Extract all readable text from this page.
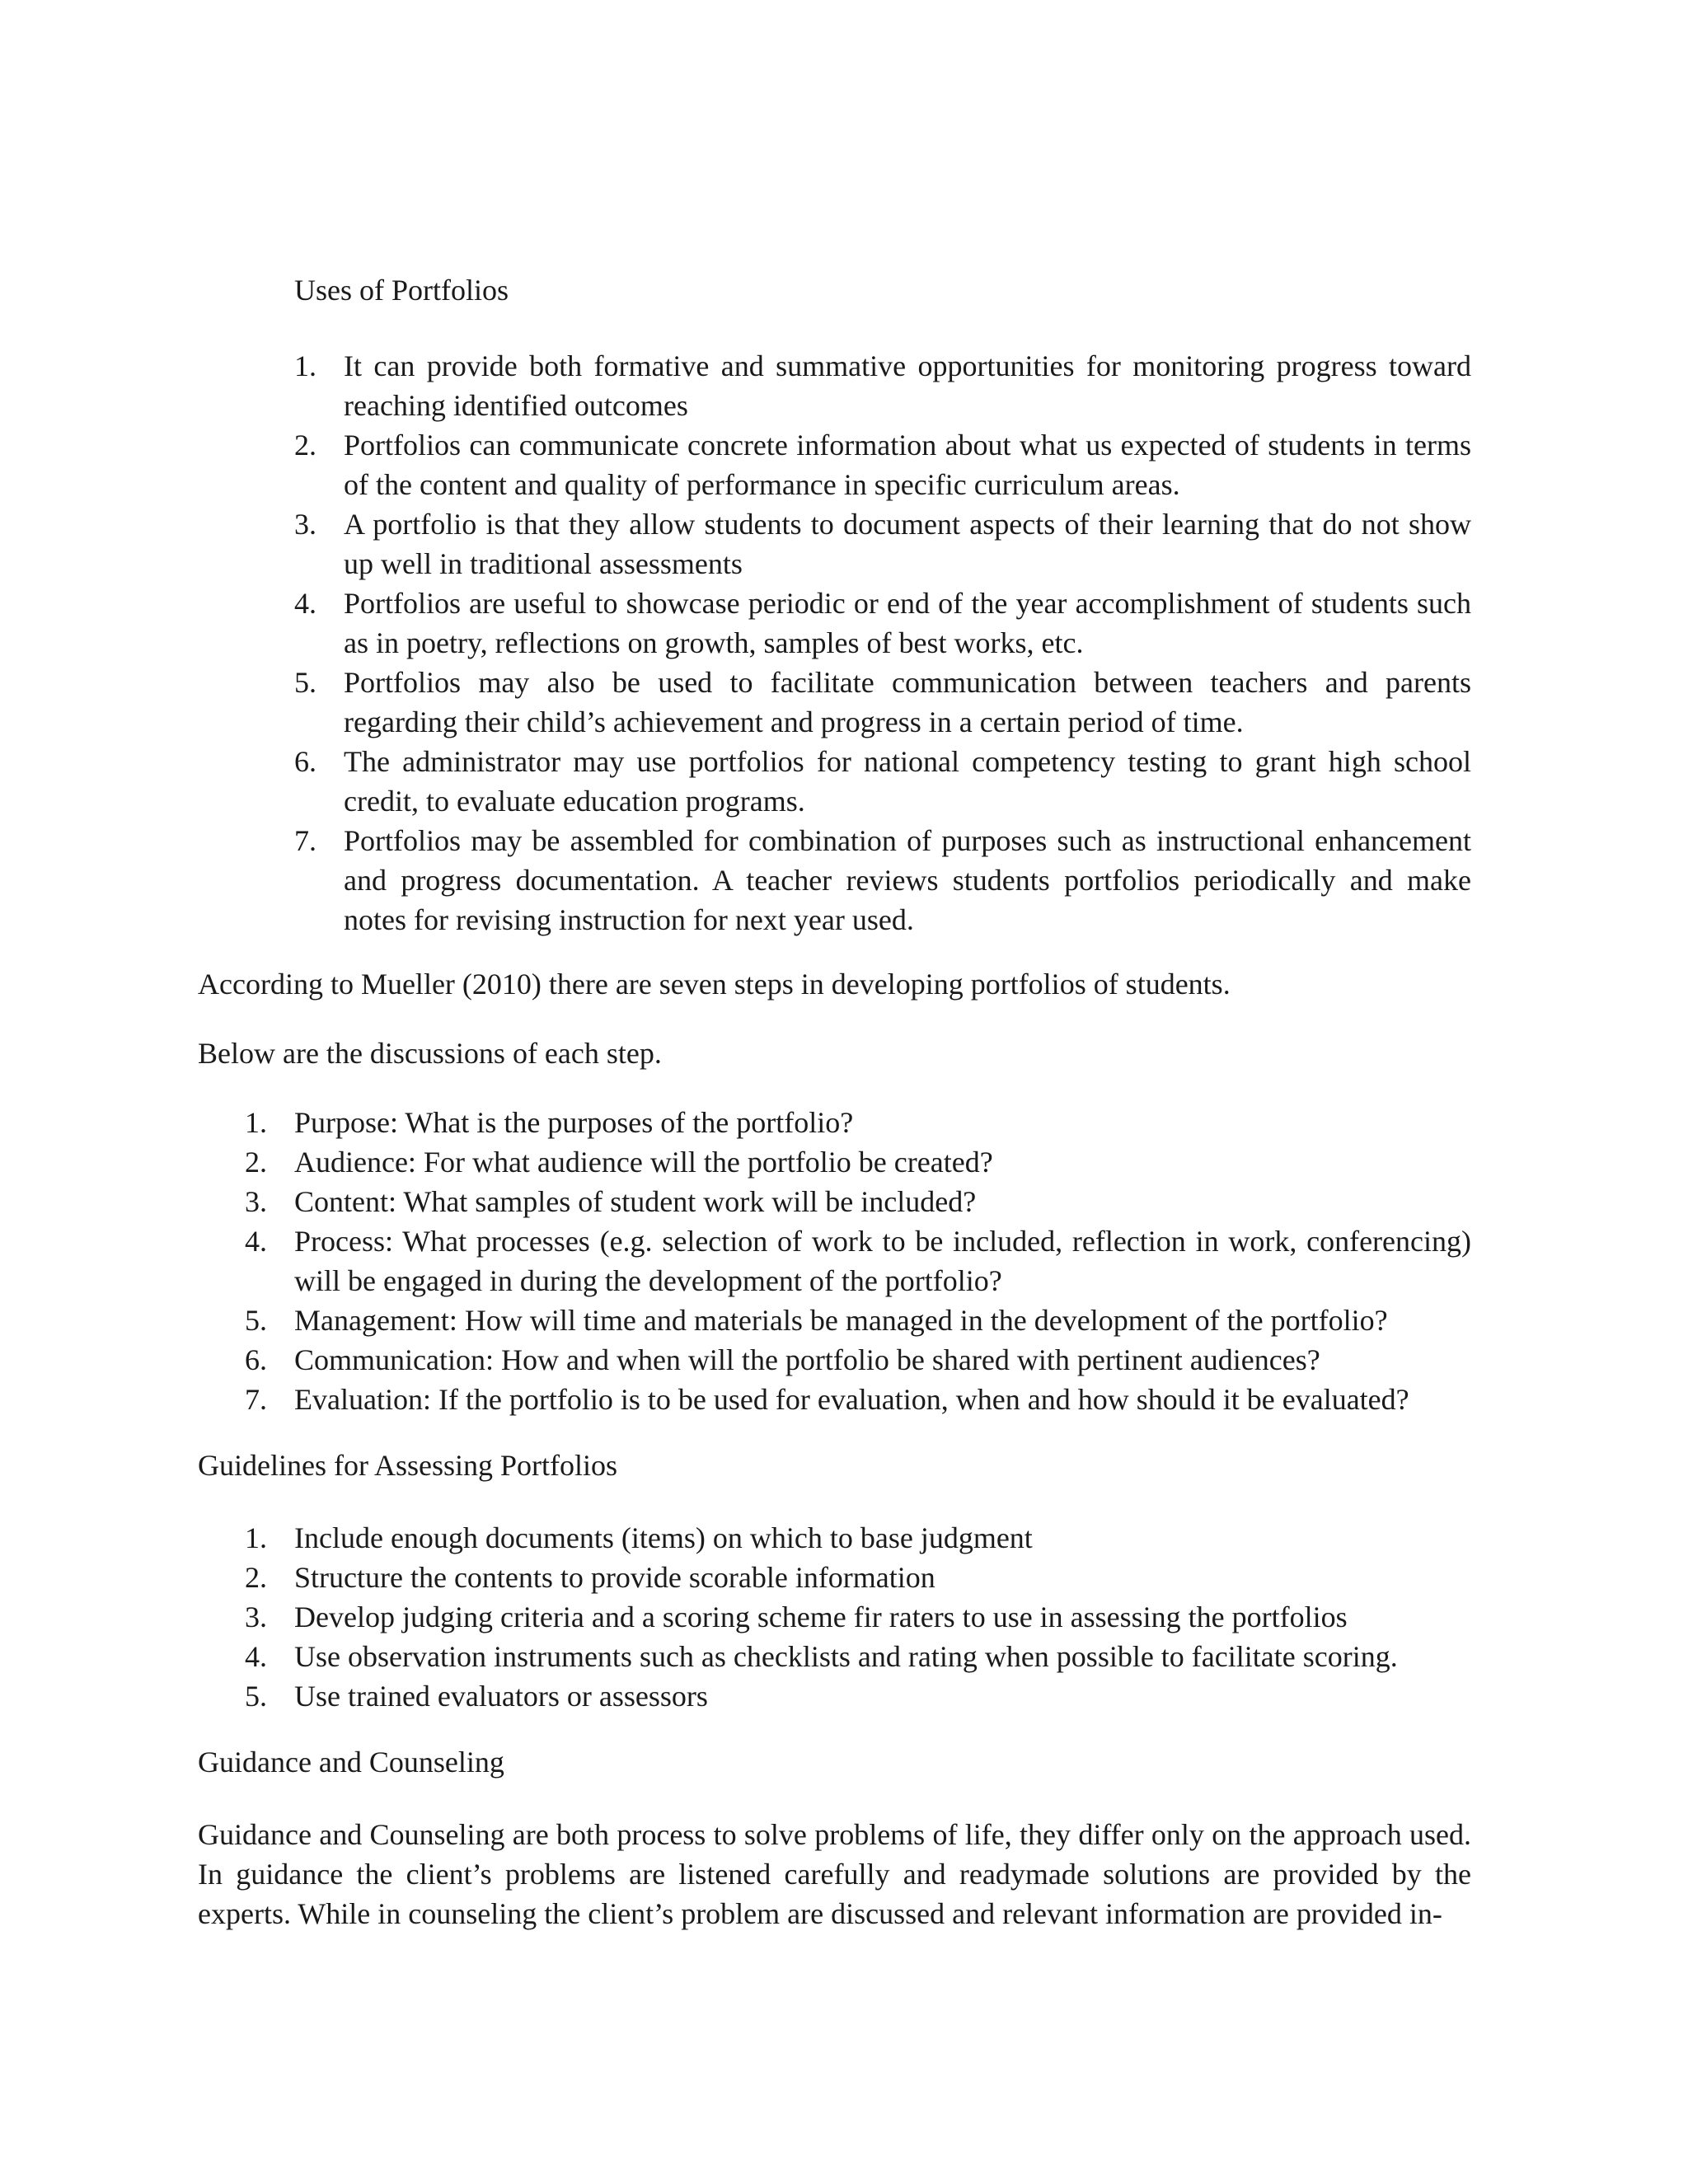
Uses of Portfolios
1. It can provide both formative and summative opportunities for monitoring progress toward reaching identified outcomes
2. Portfolios can communicate concrete information about what us expected of students in terms of the content and quality of performance in specific curriculum areas.
3. A portfolio is that they allow students to document aspects of their learning that do not show up well in traditional assessments
4. Portfolios are useful to showcase periodic or end of the year accomplishment of students such as in poetry, reflections on growth, samples of best works, etc.
5. Portfolios may also be used to facilitate communication between teachers and parents regarding their child’s achievement and progress in a certain period of time.
6. The administrator may use portfolios for national competency testing to grant high school credit, to evaluate education programs.
7. Portfolios may be assembled for combination of purposes such as instructional enhancement and progress documentation. A teacher reviews students portfolios periodically and make notes for revising instruction for next year used.

According to Mueller (2010) there are seven steps in developing portfolios of students.

Below are the discussions of each step.

1. Purpose: What is the purposes of the portfolio?
2. Audience: For what audience will the portfolio be created?
3. Content: What samples of student work will be included?
4. Process: What processes (e.g. selection of work to be included, reflection in work, conferencing) will be engaged in during the development of the portfolio?
5. Management: How will time and materials be managed in the development of the portfolio?
6. Communication: How and when will the portfolio be shared with pertinent audiences?
7. Evaluation: If the portfolio is to be used for evaluation, when and how should it be evaluated?

Guidelines for Assessing Portfolios

1. Include enough documents (items) on which to base judgment
2. Structure the contents to provide scorable information
3. Develop judging criteria and a scoring scheme fir raters to use in assessing the portfolios
4. Use observation instruments such as checklists and rating when possible to facilitate scoring.
5. Use trained evaluators or assessors

Guidance and Counseling

Guidance and Counseling are both process to solve problems of life, they differ only on the approach used. In guidance the client’s problems are listened carefully and readymade solutions are provided by the experts. While in counseling the client’s problem are discussed and relevant information are provided in-
